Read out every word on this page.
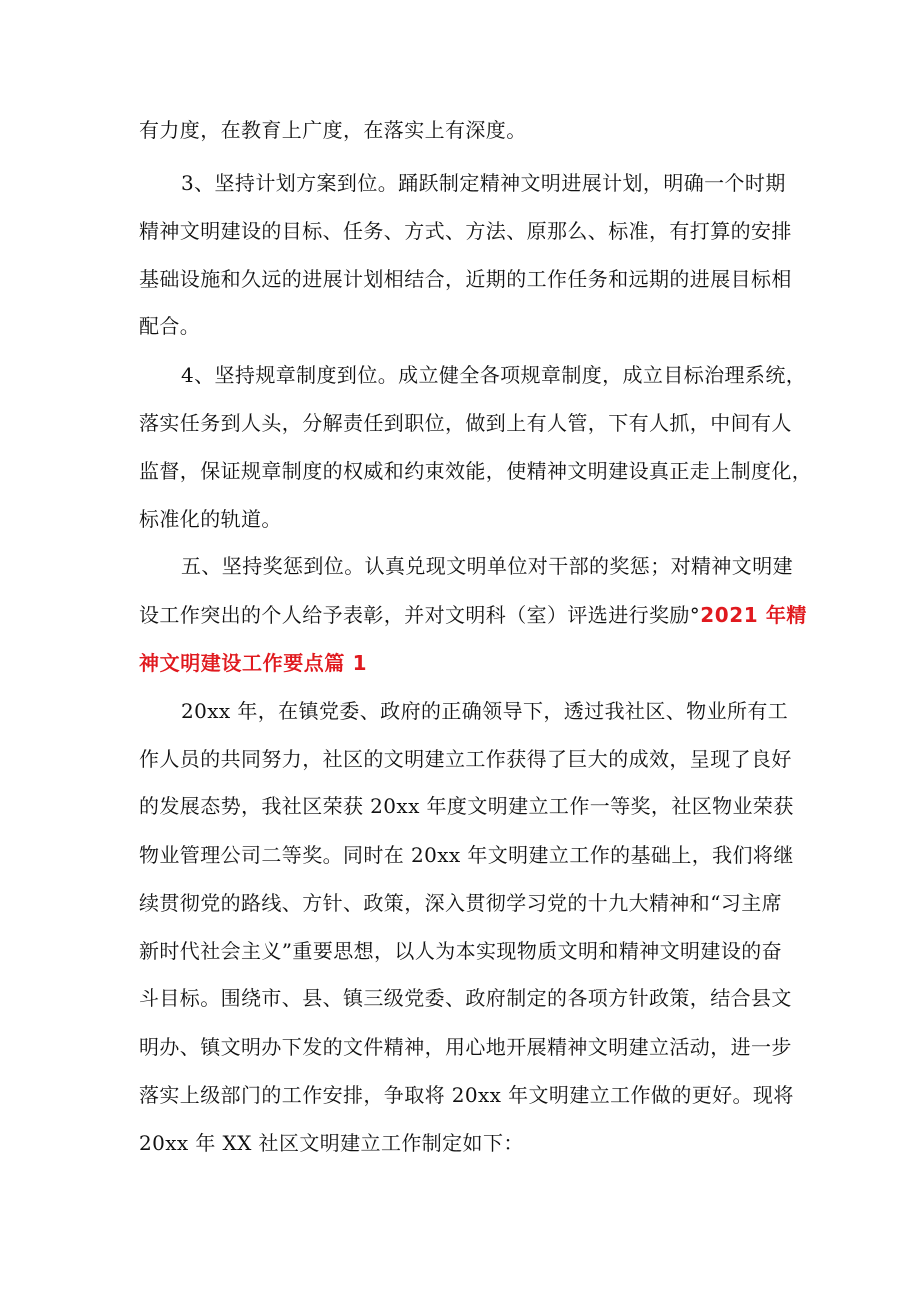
有力度，在教育上广度，在落实上有深度。
3、坚持计划方案到位。踊跃制定精神文明进展计划，明确一个时期
精神文明建设的目标、任务、方式、方法、原那么、标准，有打算的安排
基础设施和久远的进展计划相结合，近期的工作任务和远期的进展目标相
配合。
4、坚持规章制度到位。成立健全各项规章制度，成立目标治理系统，
落实任务到人头，分解责任到职位，做到上有人管，下有人抓，中间有人
监督，保证规章制度的权威和约束效能，使精神文明建设真正走上制度化，
标准化的轨道。
五、坚持奖惩到位。认真兑现文明单位对干部的奖惩；对精神文明建
设工作突出的个人给予表彰，并对文明科（室）评选进行奖励°2021 年精
神文明建设工作要点篇 1
20xx 年，在镇党委、政府的正确领导下，透过我社区、物业所有工
作人员的共同努力，社区的文明建立工作获得了巨大的成效，呈现了良好
的发展态势，我社区荣获 20xx 年度文明建立工作一等奖，社区物业荣获
物业管理公司二等奖。同时在 20xx 年文明建立工作的基础上，我们将继
续贯彻党的路线、方针、政策，深入贯彻学习党的十九大精神和“习主席
新时代社会主义”重要思想，以人为本实现物质文明和精神文明建设的奋
斗目标。围绕市、县、镇三级党委、政府制定的各项方针政策，结合县文
明办、镇文明办下发的文件精神，用心地开展精神文明建立活动，进一步
落实上级部门的工作安排，争取将 20xx 年文明建立工作做的更好。现将
20xx 年 XX 社区文明建立工作制定如下：
